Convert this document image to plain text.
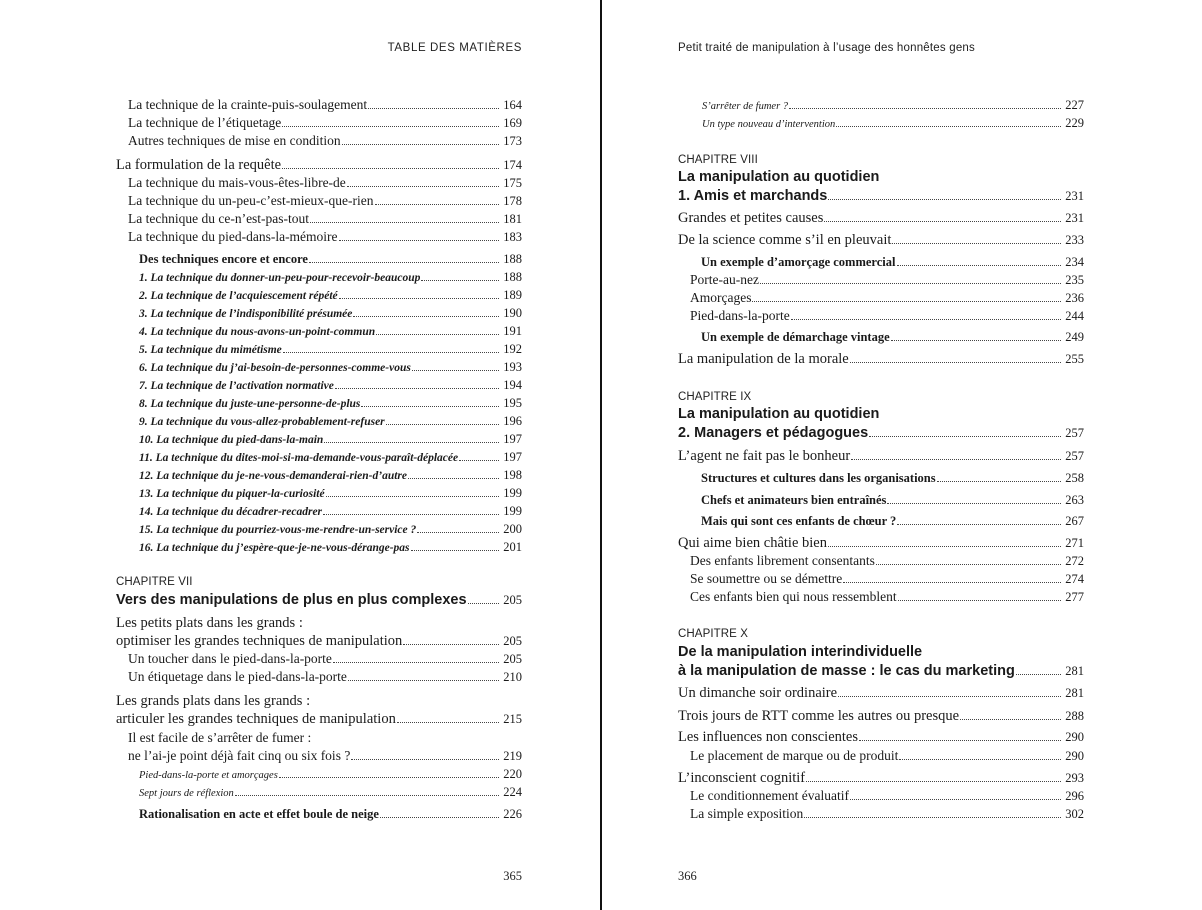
TABLE DES MATIÈRES
La technique de la crainte-puis-soulagement	164
La technique de l’étiquetage	169
Autres techniques de mise en condition	173
La formulation de la requête	174
La technique du mais-vous-êtes-libre-de	175
La technique du un-peu-c’est-mieux-que-rien	178
La technique du ce-n’est-pas-tout	181
La technique du pied-dans-la-mémoire	183
Des techniques encore et encore	188
1. La technique du donner-un-peu-pour-recevoir-beaucoup	188
2. La technique de l’acquiescement répété	189
3. La technique de l’indisponibilité présumée	190
4. La technique du nous-avons-un-point-commun	191
5. La technique du mimétisme	192
6. La technique du j’ai-besoin-de-personnes-comme-vous	193
7. La technique de l’activation normative	194
8. La technique du juste-une-personne-de-plus	195
9. La technique du vous-allez-probablement-refuser	196
10. La technique du pied-dans-la-main	197
11. La technique du dites-moi-si-ma-demande-vous-paraît-déplacée	197
12. La technique du je-ne-vous-demanderai-rien-d’autre	198
13. La technique du piquer-la-curiosité	199
14. La technique du décadrer-recadrer	199
15. La technique du pourriez-vous-me-rendre-un-service ?	200
16. La technique du j’espère-que-je-ne-vous-dérange-pas	201
CHAPITRE VII
Vers des manipulations de plus en plus complexes	205
Les petits plats dans les grands :
optimiser les grandes techniques de manipulation	205
Un toucher dans le pied-dans-la-porte	205
Un étiquetage dans le pied-dans-la-porte	210
Les grands plats dans les grands :
articuler les grandes techniques de manipulation	215
Il est facile de s’arrêter de fumer :
ne l’ai-je point déjà fait cinq ou six fois ?	219
Pied-dans-la-porte et amorçages	220
Sept jours de réflexion	224
Rationalisation en acte et effet boule de neige	226
365
Petit traité de manipulation à l’usage des honnêtes gens
S’arrêter de fumer ?	227
Un type nouveau d’intervention	229
CHAPITRE VIII
La manipulation au quotidien
1. Amis et marchands	231
Grandes et petites causes	231
De la science comme s’il en pleuvait	233
Un exemple d’amorçage commercial	234
Porte-au-nez	235
Amorçages	236
Pied-dans-la-porte	244
Un exemple de démarchage vintage	249
La manipulation de la morale	255
CHAPITRE IX
La manipulation au quotidien
2. Managers et pédagogues	257
L’agent ne fait pas le bonheur	257
Structures et cultures dans les organisations	258
Chefs et animateurs bien entraînés	263
Mais qui sont ces enfants de chœur ?	267
Qui aime bien châtie bien	271
Des enfants librement consentants	272
Se soumettre ou se démettre	274
Ces enfants bien qui nous ressemblent	277
CHAPITRE X
De la manipulation interindividuelle
à la manipulation de masse : le cas du marketing	281
Un dimanche soir ordinaire	281
Trois jours de RTT comme les autres ou presque	288
Les influences non conscientes	290
Le placement de marque ou de produit	290
L’inconscient cognitif	293
Le conditionnement évaluatif	296
La simple exposition	302
366
